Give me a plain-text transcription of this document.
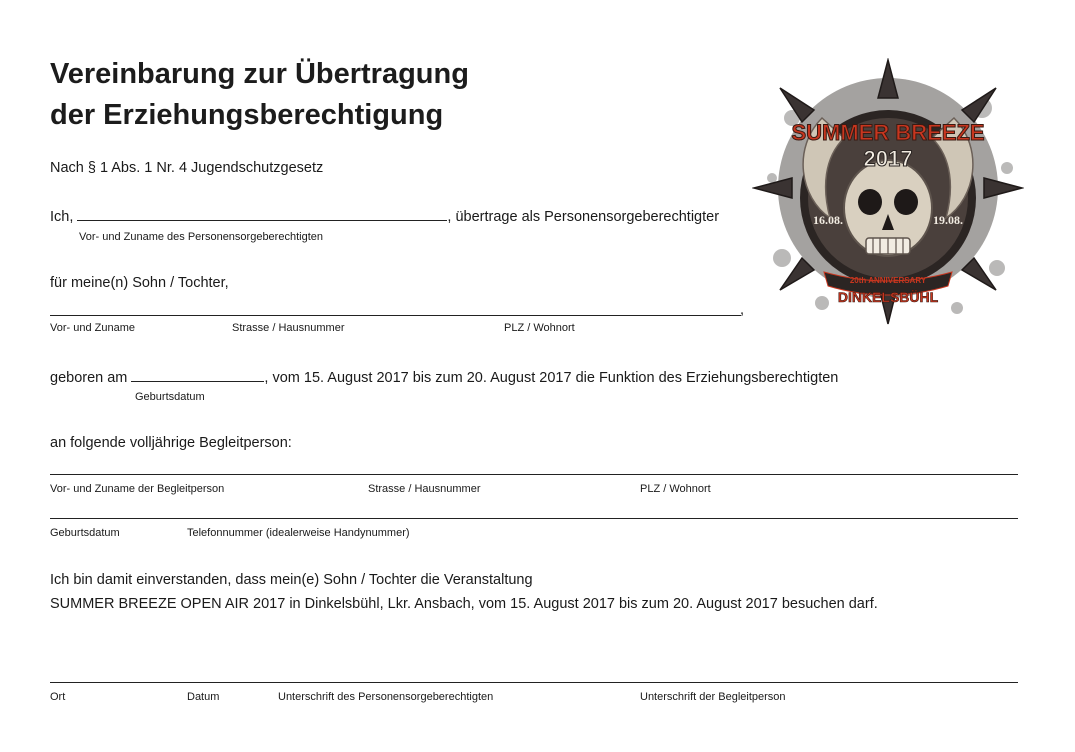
Vereinbarung zur Übertragung
der Erziehungsberechtigung
Nach § 1 Abs. 1 Nr. 4 Jugendschutzgesetz
Ich,	, übertrage als Personensorgeberechtigter
Vor- und Zuname des Personensorgeberechtigten
für meine(n) Sohn / Tochter,
,
Vor- und Zuname	Strasse / Hausnummer	PLZ / Wohnort
geboren am	, vom 15. August 2017 bis zum 20. August 2017 die Funktion des Erziehungsberechtigten
Geburtsdatum
an folgende volljährige Begleitperson:
Vor- und Zuname der Begleitperson	Strasse / Hausnummer	PLZ / Wohnort
Geburtsdatum	Telefonnummer (idealerweise Handynummer)
Ich bin damit einverstanden, dass mein(e) Sohn / Tochter die Veranstaltung
SUMMER BREEZE OPEN AIR 2017 in Dinkelsbühl, Lkr. Ansbach, vom 15. August 2017 bis zum 20. August 2017 besuchen darf.
Ort	Datum	Unterschrift des Personensorgeberechtigten	Unterschrift der Begleitperson
SUMMER BREEZE
2017
16.08.	19.08.
20th ANNIVERSARY
DINKELSBÜHL
